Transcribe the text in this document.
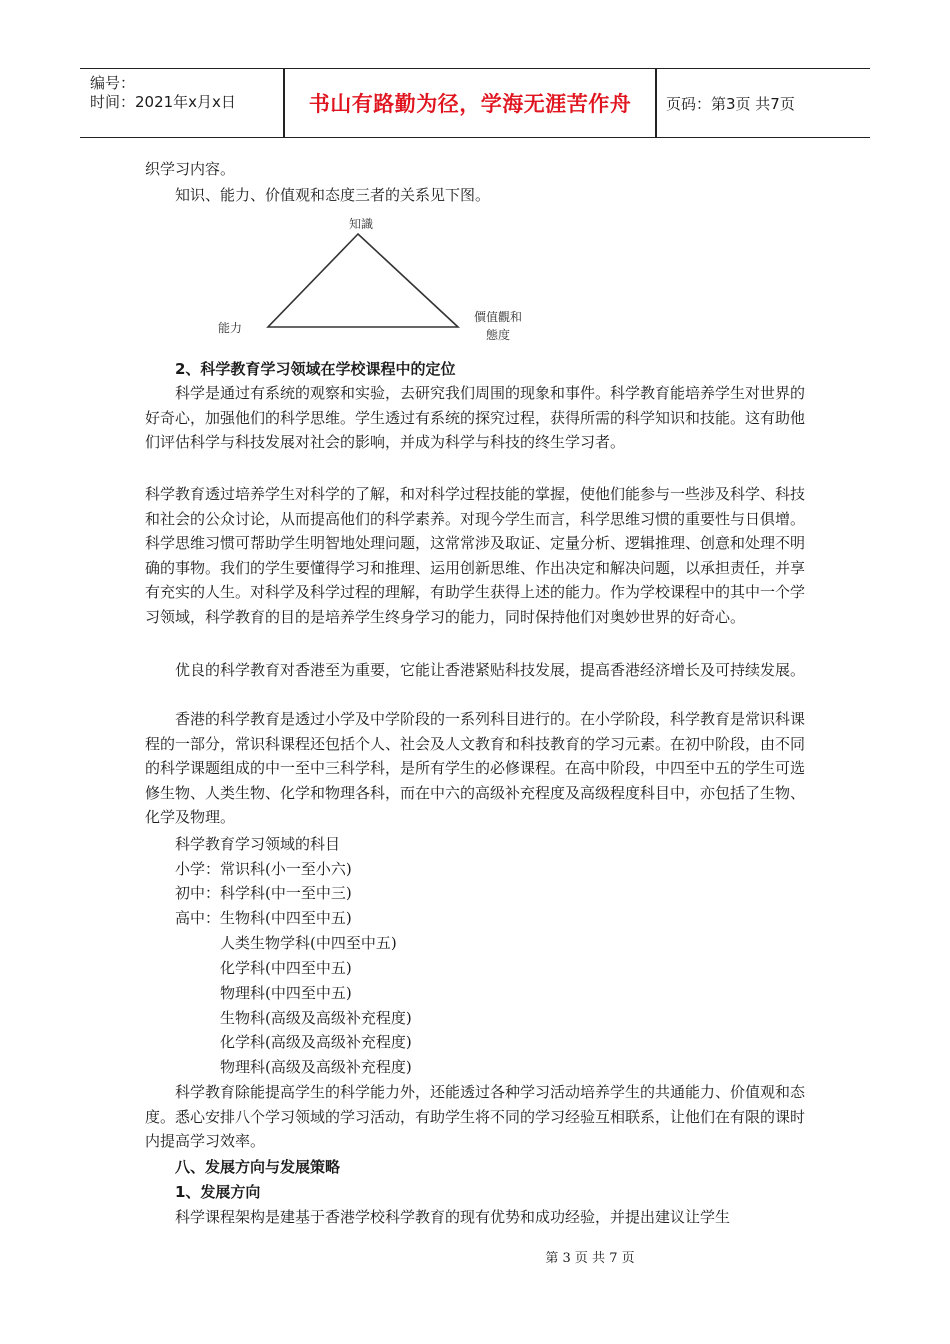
编号：
时间：2021年x月x日	书山有路勤为径，学海无涯苦作舟	页码：第3页 共7页

织学习内容。

知识、能力、价值观和态度三者的关系见下图。

知識
能力
價值觀和
態度

2、科学教育学习领域在学校课程中的定位

科学是通过有系统的观察和实验，去研究我们周围的现象和事件。科学教育能培养学生对世界的好奇心，加强他们的科学思维。学生透过有系统的探究过程，获得所需的科学知识和技能。这有助他们评估科学与科技发展对社会的影响，并成为科学与科技的终生学习者。

科学教育透过培养学生对科学的了解，和对科学过程技能的掌握，使他们能参与一些涉及科学、科技和社会的公众讨论，从而提高他们的科学素养。对现今学生而言，科学思维习惯的重要性与日俱增。科学思维习惯可帮助学生明智地处理问题，这常常涉及取证、定量分析、逻辑推理、创意和处理不明确的事物。我们的学生要懂得学习和推理、运用创新思维、作出决定和解决问题，以承担责任，并享有充实的人生。对科学及科学过程的理解，有助学生获得上述的能力。作为学校课程中的其中一个学习领域，科学教育的目的是培养学生终身学习的能力，同时保持他们对奥妙世界的好奇心。

优良的科学教育对香港至为重要，它能让香港紧贴科技发展，提高香港经济增长及可持续发展。

香港的科学教育是透过小学及中学阶段的一系列科目进行的。在小学阶段，科学教育是常识科课程的一部分，常识科课程还包括个人、社会及人文教育和科技教育的学习元素。在初中阶段，由不同的科学课题组成的中一至中三科学科，是所有学生的必修课程。在高中阶段，中四至中五的学生可选修生物、人类生物、化学和物理各科，而在中六的高级补充程度及高级程度科目中，亦包括了生物、化学及物理。

科学教育学习领域的科目

小学：常识科(小一至小六)

初中：科学科(中一至中三)

高中：生物科(中四至中五)

人类生物学科(中四至中五)

化学科(中四至中五)

物理科(中四至中五)

生物科(高级及高级补充程度)

化学科(高级及高级补充程度)

物理科(高级及高级补充程度)

科学教育除能提高学生的科学能力外，还能透过各种学习活动培养学生的共通能力、价值观和态度。悉心安排八个学习领域的学习活动，有助学生将不同的学习经验互相联系，让他们在有限的课时内提高学习效率。

八、发展方向与发展策略

1、发展方向

科学课程架构是建基于香港学校科学教育的现有优势和成功经验，并提出建议让学生

第 3 页 共 7 页
